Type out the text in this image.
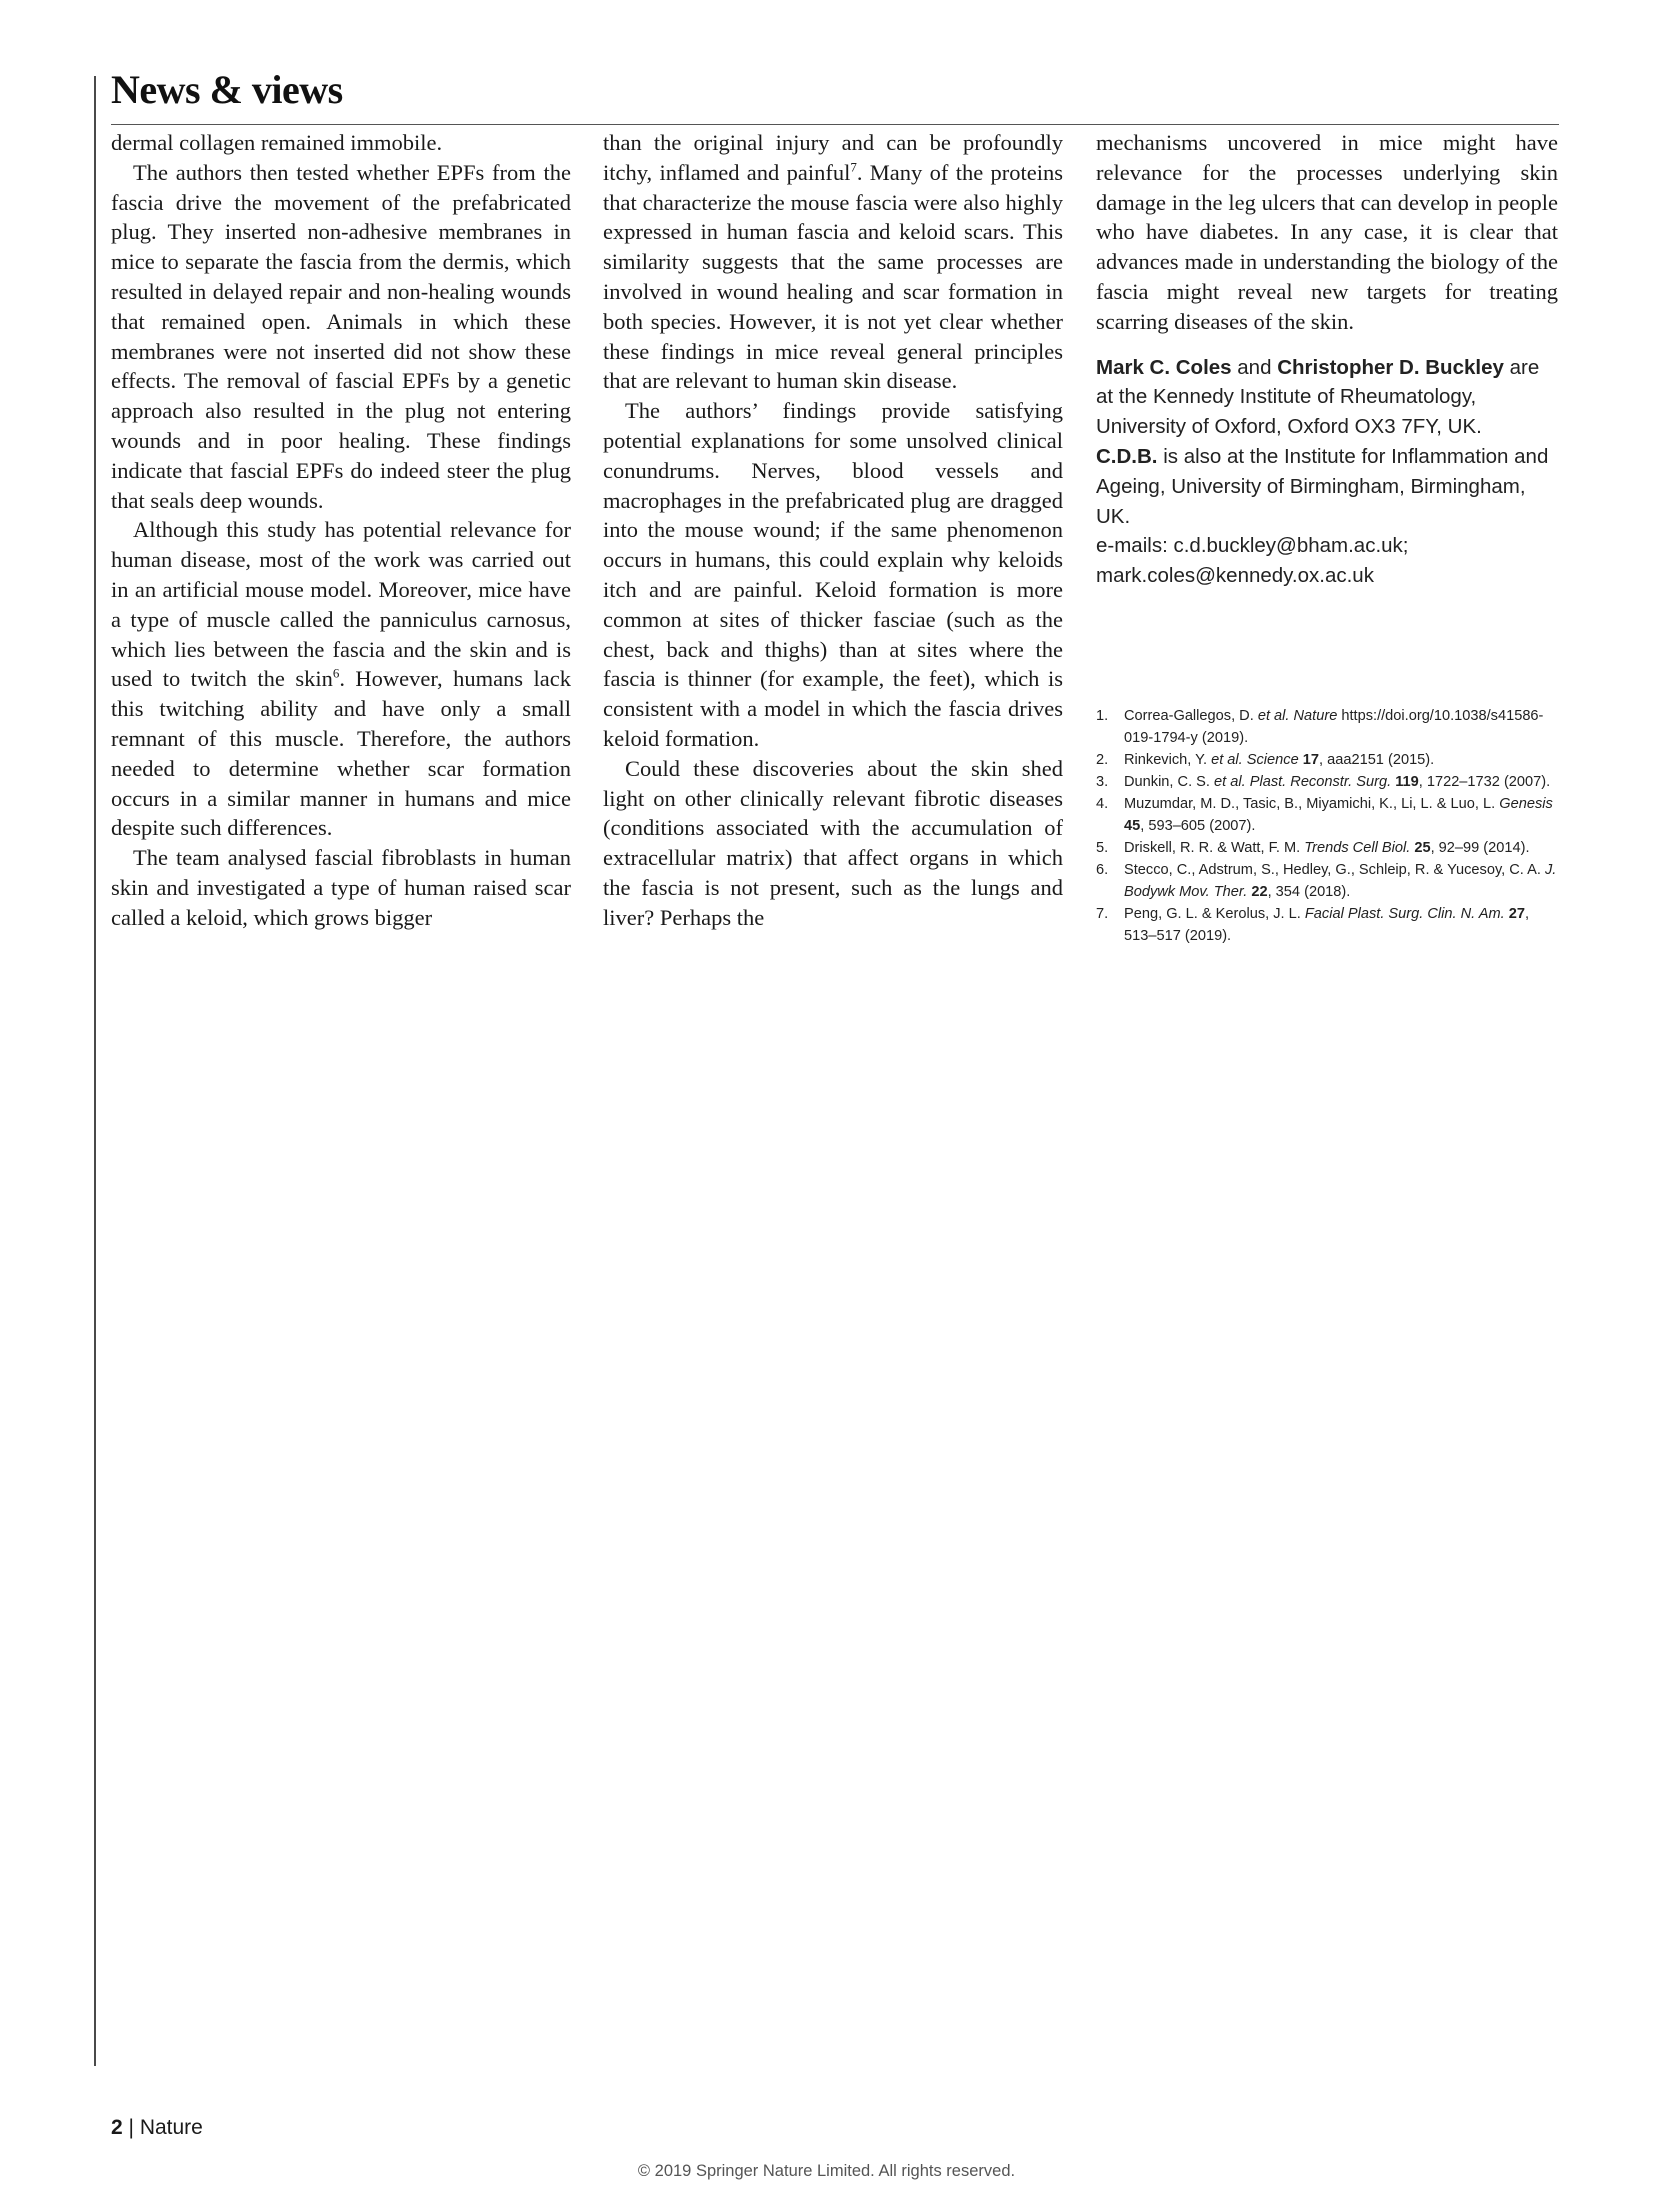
News & views

dermal collagen remained immobile.

The authors then tested whether EPFs from the fascia drive the movement of the prefabricated plug. They inserted non-adhesive membranes in mice to separate the fascia from the dermis, which resulted in delayed repair and non-healing wounds that remained open. Animals in which these membranes were not inserted did not show these effects. The removal of fascial EPFs by a genetic approach also resulted in the plug not entering wounds and in poor healing. These findings indicate that fascial EPFs do indeed steer the plug that seals deep wounds.

Although this study has potential relevance for human disease, most of the work was carried out in an artificial mouse model. Moreover, mice have a type of muscle called the panniculus carnosus, which lies between the fascia and the skin and is used to twitch the skin$^6$. However, humans lack this twitching ability and have only a small remnant of this muscle. Therefore, the authors needed to determine whether scar formation occurs in a similar manner in humans and mice despite such differences.

The team analysed fascial fibroblasts in human skin and investigated a type of human raised scar called a keloid, which grows bigger

than the original injury and can be profoundly itchy, inflamed and painful$^7$. Many of the proteins that characterize the mouse fascia were also highly expressed in human fascia and keloid scars. This similarity suggests that the same processes are involved in wound healing and scar formation in both species. However, it is not yet clear whether these findings in mice reveal general principles that are relevant to human skin disease.

The authors’ findings provide satisfying potential explanations for some unsolved clinical conundrums. Nerves, blood vessels and macrophages in the prefabricated plug are dragged into the mouse wound; if the same phenomenon occurs in humans, this could explain why keloids itch and are painful. Keloid formation is more common at sites of thicker fasciae (such as the chest, back and thighs) than at sites where the fascia is thinner (for example, the feet), which is consistent with a model in which the fascia drives keloid formation.

Could these discoveries about the skin shed light on other clinically relevant fibrotic diseases (conditions associated with the accumulation of extracellular matrix) that affect organs in which the fascia is not present, such as the lungs and liver? Perhaps the

mechanisms uncovered in mice might have relevance for the processes underlying skin damage in the leg ulcers that can develop in people who have diabetes. In any case, it is clear that advances made in understanding the biology of the fascia might reveal new targets for treating scarring diseases of the skin.

Mark C. Coles and Christopher D. Buckley are at the Kennedy Institute of Rheumatology, University of Oxford, Oxford OX3 7FY, UK.
C.D.B. is also at the Institute for Inflammation and Ageing, University of Birmingham, Birmingham, UK.
e-mails: c.d.buckley@bham.ac.uk;
mark.coles@kennedy.ox.ac.uk
1.	Correa-Gallegos, D. et al. Nature https://doi.org/10.1038/s41586-019-1794-y (2019).
2.	Rinkevich, Y. et al. Science 17, aaa2151 (2015).
3.	Dunkin, C. S. et al. Plast. Reconstr. Surg. 119, 1722–1732 (2007).
4.	Muzumdar, M. D., Tasic, B., Miyamichi, K., Li, L. & Luo, L. Genesis 45, 593–605 (2007).
5.	Driskell, R. R. & Watt, F. M. Trends Cell Biol. 25, 92–99 (2014).
6.	Stecco, C., Adstrum, S., Hedley, G., Schleip, R. & Yucesoy, C. A. J. Bodywk Mov. Ther. 22, 354 (2018).
7.	Peng, G. L. & Kerolus, J. L. Facial Plast. Surg. Clin. N. Am. 27, 513–517 (2019).
2 | Nature
© 2019 Springer Nature Limited. All rights reserved.
